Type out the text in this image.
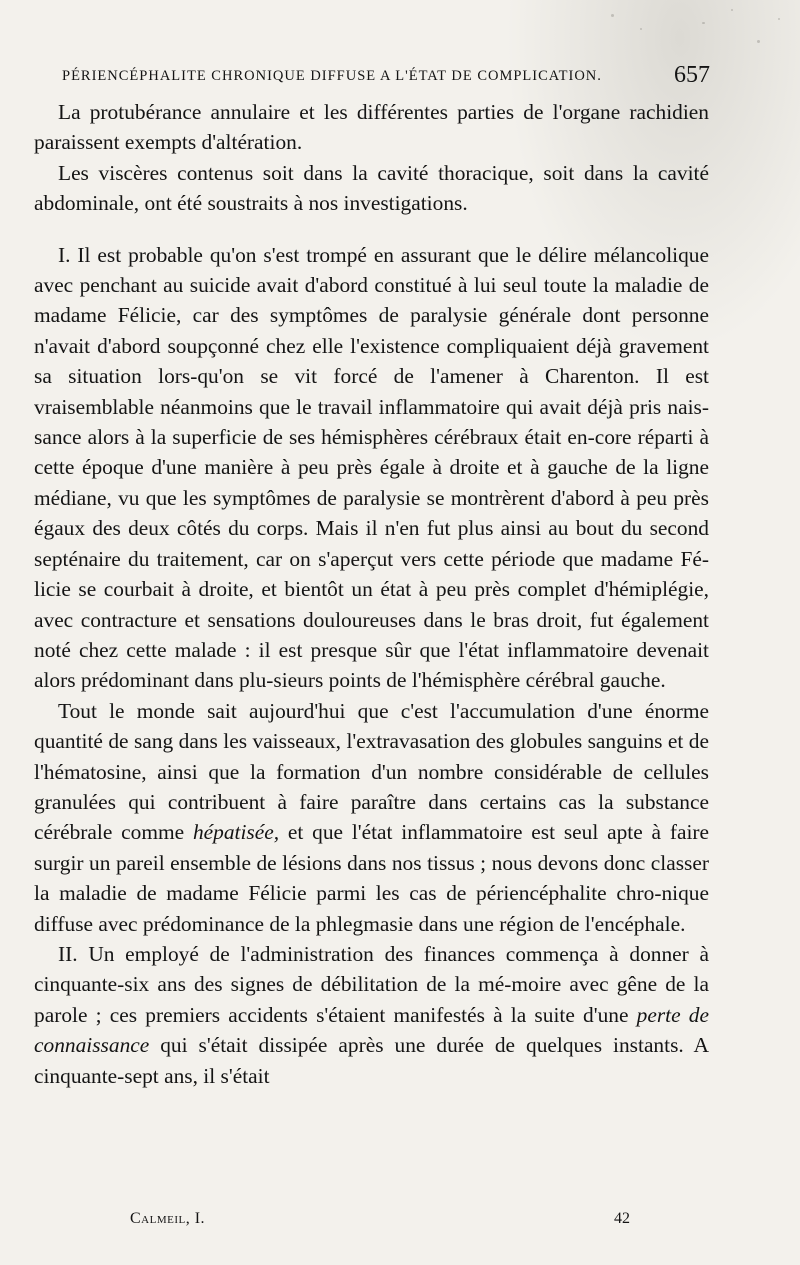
PÉRIENCÉPHALITE CHRONIQUE DIFFUSE A L'ÉTAT DE COMPLICATION.	657

La protubérance annulaire et les différentes parties de l'organe rachidien paraissent exempts d'altération.

Les viscères contenus soit dans la cavité thoracique, soit dans la cavité abdominale, ont été soustraits à nos investigations.

I. Il est probable qu'on s'est trompé en assurant que le délire mélancolique avec penchant au suicide avait d'abord constitué à lui seul toute la maladie de madame Félicie, car des symptômes de paralysie générale dont personne n'avait d'abord soupçonné chez elle l'existence compliquaient déjà gravement sa situation lors-qu'on se vit forcé de l'amener à Charenton. Il est vraisemblable néanmoins que le travail inflammatoire qui avait déjà pris nais-sance alors à la superficie de ses hémisphères cérébraux était en-core réparti à cette époque d'une manière à peu près égale à droite et à gauche de la ligne médiane, vu que les symptômes de paralysie se montrèrent d'abord à peu près égaux des deux côtés du corps. Mais il n'en fut plus ainsi au bout du second septénaire du traitement, car on s'aperçut vers cette période que madame Fé-licie se courbait à droite, et bientôt un état à peu près complet d'hémiplégie, avec contracture et sensations douloureuses dans le bras droit, fut également noté chez cette malade : il est presque sûr que l'état inflammatoire devenait alors prédominant dans plu-sieurs points de l'hémisphère cérébral gauche.

Tout le monde sait aujourd'hui que c'est l'accumulation d'une énorme quantité de sang dans les vaisseaux, l'extravasation des globules sanguins et de l'hématosine, ainsi que la formation d'un nombre considérable de cellules granulées qui contribuent à faire paraître dans certains cas la substance cérébrale comme hépatisée, et que l'état inflammatoire est seul apte à faire surgir un pareil ensemble de lésions dans nos tissus ; nous devons donc classer la maladie de madame Félicie parmi les cas de périencéphalite chro-nique diffuse avec prédominance de la phlegmasie dans une région de l'encéphale.

II. Un employé de l'administration des finances commença à donner à cinquante-six ans des signes de débilitation de la mé-moire avec gêne de la parole ; ces premiers accidents s'étaient manifestés à la suite d'une perte de connaissance qui s'était dissipée après une durée de quelques instants. A cinquante-sept ans, il s'était

Calmeil, I.	42
